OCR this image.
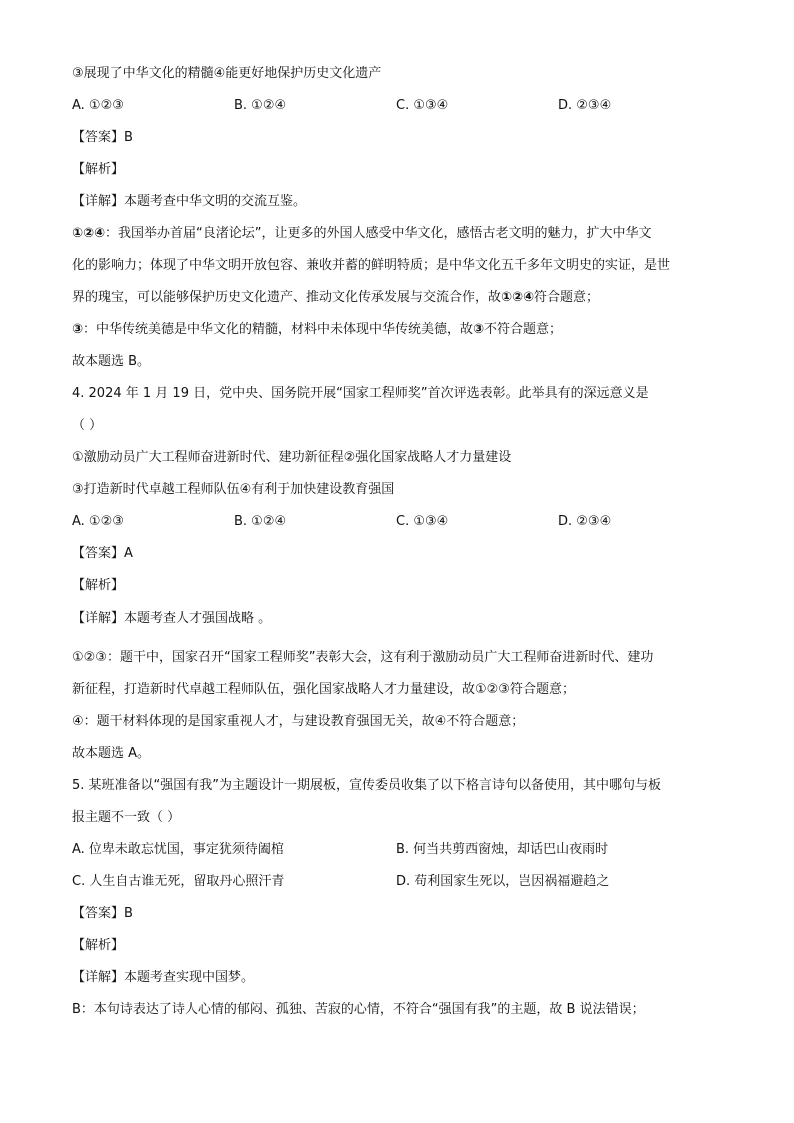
③展现了中华文化的精髓④能更好地保护历史文化遗产
A. ①②③	B. ①②④	C. ①③④	D. ②③④
【答案】B
【解析】
【详解】本题考查中华文明的交流互鉴。
①②④：我国举办首届“良渚论坛”，让更多的外国人感受中华文化，感悟古老文明的魅力，扩大中华文
化的影响力；体现了中华文明开放包容、兼收并蓄的鲜明特质；是中华文化五千多年文明史的实证，是世
界的瑰宝，可以能够保护历史文化遗产、推动文化传承发展与交流合作，故①②④符合题意；
③：中华传统美德是中华文化的精髓，材料中未体现中华传统美德，故③不符合题意；
故本题选 B。
4. 2024 年 1 月 19 日，党中央、国务院开展“国家工程师奖”首次评选表彰。此举具有的深远意义是
（ ）
①激励动员广大工程师奋进新时代、建功新征程②强化国家战略人才力量建设
③打造新时代卓越工程师队伍④有利于加快建设教育强国
A. ①②③	B. ①②④	C. ①③④	D. ②③④
【答案】A
【解析】
【详解】本题考查人才强国战略 。
①②③：题干中，国家召开“国家工程师奖”表彰大会，这有利于激励动员广大工程师奋进新时代、建功
新征程，打造新时代卓越工程师队伍，强化国家战略人才力量建设，故①②③符合题意；
④：题干材料体现的是国家重视人才，与建设教育强国无关，故④不符合题意；
故本题选 A。
5. 某班准备以“强国有我”为主题设计一期展板，宣传委员收集了以下格言诗句以备使用，其中哪句与板
报主题不一致（ ）
A. 位卑未敢忘忧国，事定犹须待阖棺	B. 何当共剪西窗烛，却话巴山夜雨时
C. 人生自古谁无死，留取丹心照汗青	D. 苟利国家生死以，岂因祸福避趋之
【答案】B
【解析】
【详解】本题考查实现中国梦。
B：本句诗表达了诗人心情的郁闷、孤独、苦寂的心情，不符合“强国有我”的主题，故 B 说法错误；
